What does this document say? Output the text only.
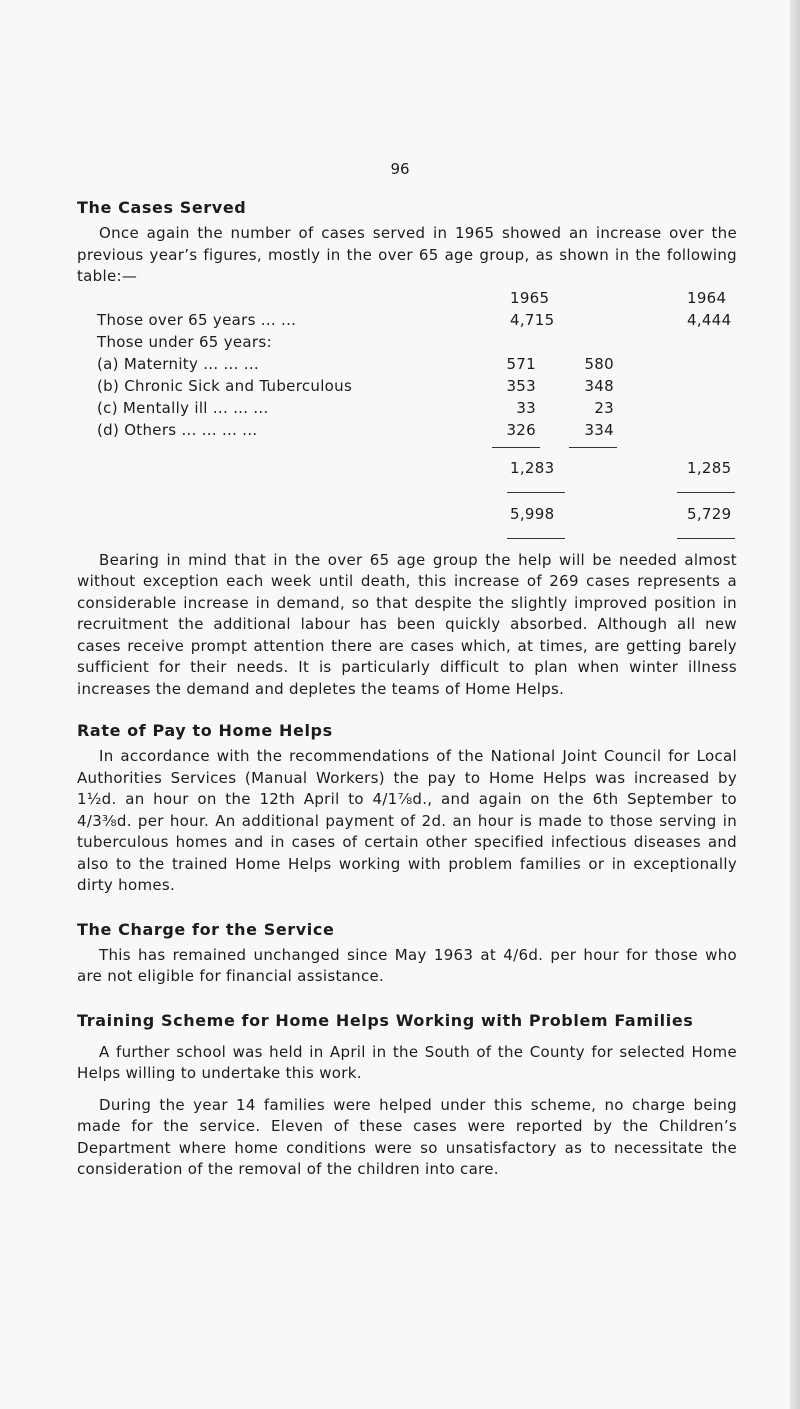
96
The Cases Served

Once again the number of cases served in 1965 showed an increase over the previous year’s figures, mostly in the over 65 age group, as shown in the following table:—

1965	1964
Those over 65 years ... ...	4,715	4,444
Those under 65 years:
(a) Maternity ... ... ...	571	580
(b) Chronic Sick and Tuberculous	353	348
(c) Mentally ill ... ... ...	33	23
(d) Others ... ... ... ...	326	334
1,283	1,285
5,998	5,729

Bearing in mind that in the over 65 age group the help will be needed almost without exception each week until death, this increase of 269 cases represents a considerable increase in demand, so that despite the slightly improved position in recruitment the additional labour has been quickly absorbed. Although all new cases receive prompt attention there are cases which, at times, are getting barely sufficient for their needs. It is particularly difficult to plan when winter illness increases the demand and depletes the teams of Home Helps.

Rate of Pay to Home Helps

In accordance with the recommendations of the National Joint Council for Local Authorities Services (Manual Workers) the pay to Home Helps was increased by 1½d. an hour on the 12th April to 4/1⅞d., and again on the 6th September to 4/3⅜d. per hour. An additional payment of 2d. an hour is made to those serving in tuberculous homes and in cases of certain other specified infectious diseases and also to the trained Home Helps working with problem families or in exceptionally dirty homes.

The Charge for the Service

This has remained unchanged since May 1963 at 4/6d. per hour for those who are not eligible for financial assistance.

Training Scheme for Home Helps Working with Problem Families

A further school was held in April in the South of the County for selected Home Helps willing to undertake this work.

During the year 14 families were helped under this scheme, no charge being made for the service. Eleven of these cases were reported by the Children’s Department where home conditions were so unsatisfactory as to necessitate the consideration of the removal of the children into care.
